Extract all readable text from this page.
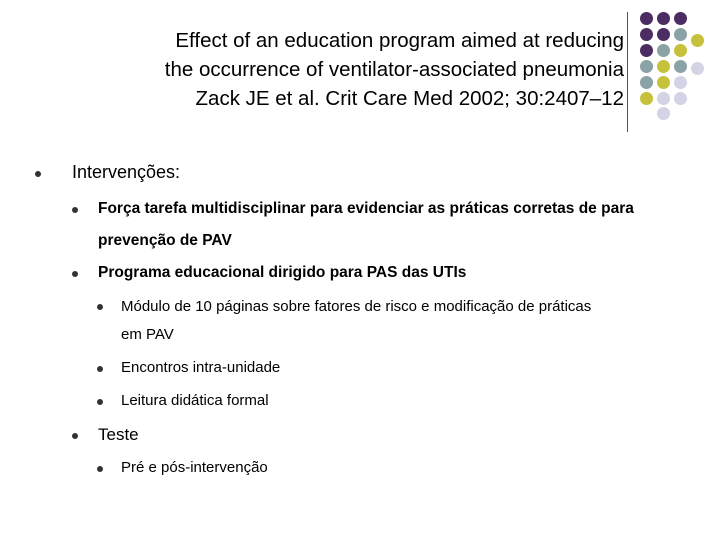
Effect of an education program aimed at reducing
the occurrence of ventilator-associated pneumonia
Zack JE et al. Crit Care Med 2002; 30:2407–12
Intervenções:
Força tarefa multidisciplinar para evidenciar as práticas corretas de para
prevenção de PAV
Programa educacional dirigido para PAS das UTIs
Módulo de 10 páginas sobre fatores de risco e modificação de práticas
em PAV
Encontros intra-unidade
Leitura didática formal
Teste
Pré e pós-intervenção
